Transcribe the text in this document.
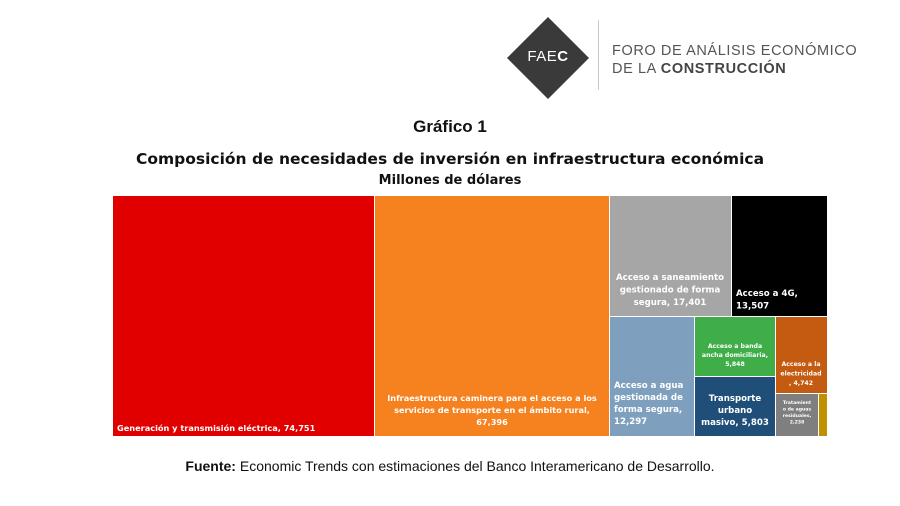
FAEC	FORO DE ANÁLISIS ECONÓMICO
DE LA CONSTRUCCIÓN
Gráfico 1
Composición de necesidades de inversión en infraestructura económica
Millones de dólares
Generación y transmisión eléctrica, 74,751
Infraestructura caminera para el acceso a los servicios de transporte en el ámbito rural, 67,396
Acceso a saneamiento gestionado de forma segura, 17,401
Acceso a 4G, 13,507
Acceso a agua gestionada de forma segura, 12,297
Acceso a banda ancha domiciliaria, 5,848
Transporte urbano masivo, 5,803
Acceso a la electricidad , 4,742
Tratamient o de aguas residuales, 2,238
Fuente: Economic Trends con estimaciones del Banco Interamericano de Desarrollo.
